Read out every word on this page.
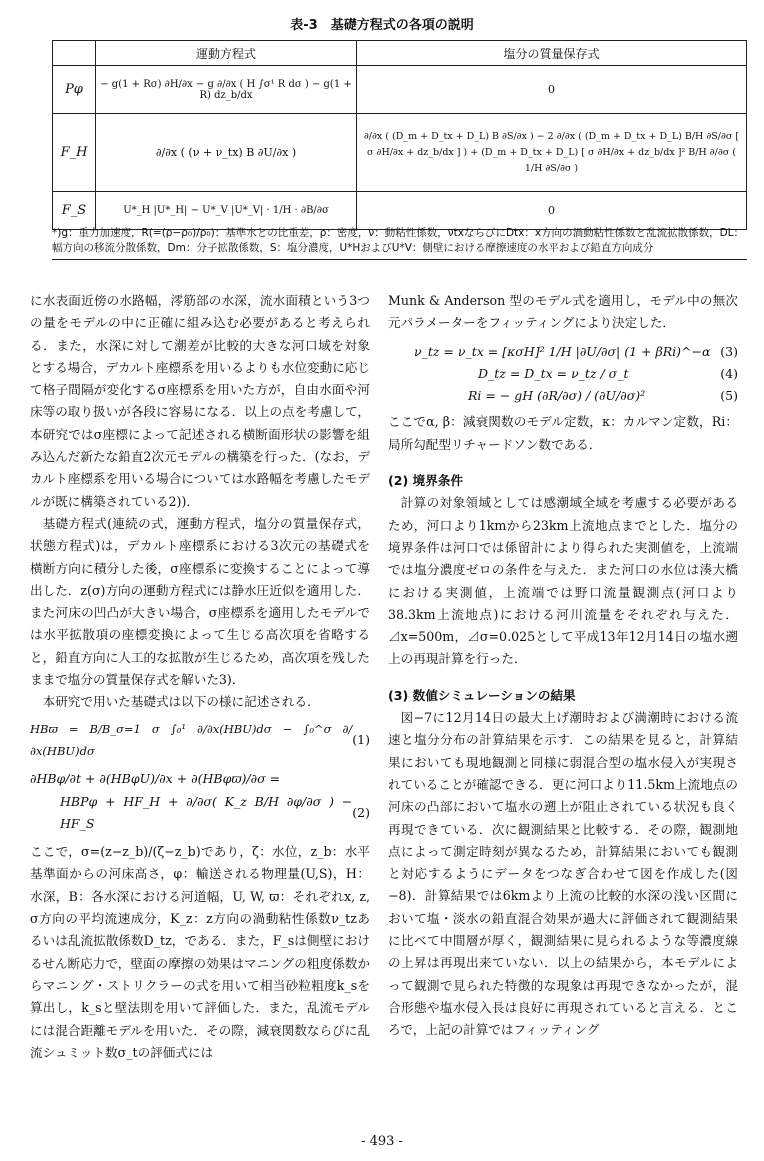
表-3　基礎方程式の各項の説明
	運動方程式	塩分の質量保存式
Pφ	− g(1 + Rσ) ∂H/∂x − g ∂/∂x ( H ∫σ¹ R dσ ) − g(1 + R) dz_b/dx	0
F_H	∂/∂x ( (ν + ν_tx) B ∂U/∂x )	∂/∂x ( (D_m + D_tx + D_L) B ∂S/∂x ) − 2 ∂/∂x ( (D_m + D_tx + D_L) B/H ∂S/∂σ [ σ ∂H/∂x + dz_b/dx ] ) + (D_m + D_tx + D_L) [ σ ∂H/∂x + dz_b/dx ]² B/H ∂/∂σ ( 1/H ∂S/∂σ )
F_S	U*_H |U*_H| − U*_V |U*_V| · 1/H · ∂B/∂σ	0
*)g：重力加速度，R(=(ρ−ρ₀)/ρ₀)：基準水との比重差，ρ：密度，ν：動粘性係数，νtxならびにDtx：x方向の渦動粘性係数と乱流拡散係数，DL：幅方向の移流分散係数，Dm：分子拡散係数，S：塩分濃度，U*HおよびU*V：側壁における摩擦速度の水平および鉛直方向成分

に水表面近傍の水路幅，澪筋部の水深，流水面積という3つの量をモデルの中に正確に組み込む必要があると考えられる．また，水深に対して潮差が比較的大きな河口域を対象とする場合，デカルト座標系を用いるよりも水位変動に応じて格子間隔が変化するσ座標系を用いた方が，自由水面や河床等の取り扱いが各段に容易になる．以上の点を考慮して，本研究ではσ座標によって記述される横断面形状の影響を組み込んだ新たな鉛直2次元モデルの構築を行った．(なお，デカルト座標系を用いる場合については水路幅を考慮したモデルが既に構築されている2))．

基礎方程式(連続の式，運動方程式，塩分の質量保存式，状態方程式)は，デカルト座標系における3次元の基礎式を横断方向に積分した後，σ座標系に変換することによって導出した．z(σ)方向の運動方程式には静水圧近似を適用した．また河床の凹凸が大きい場合，σ座標系を適用したモデルでは水平拡散項の座標変換によって生じる高次項を省略すると，鉛直方向に人工的な拡散が生じるため，高次項を残したままで塩分の質量保存式を解いた3)．

本研究で用いた基礎式は以下の様に記述される．

HBϖ = B/B_σ=1 σ ∫₀¹ ∂/∂x(HBU)dσ − ∫₀^σ ∂/∂x(HBU)dσ
(1)
∂HBφ/∂t + ∂(HBφU)/∂x + ∂(HBφϖ)/∂σ =
HBPφ + HF_H + ∂/∂σ( K_z B/H ∂φ/∂σ ) − HF_S
(2)

ここで，σ=(z−z_b)/(ζ−z_b)であり，ζ：水位，z_b：水平基準面からの河床高さ，φ：輸送される物理量(U,S)，H：水深，B：各水深における河道幅，U, W, ϖ：それぞれx, z, σ方向の平均流速成分，K_z：z方向の渦動粘性係数ν_tzあるいは乱流拡散係数D_tz，である．また，F_sは側壁におけるせん断応力で，壁面の摩擦の効果はマニングの粗度係数からマニング・ストリクラーの式を用いて相当砂粒粗度k_sを算出し，k_sと壁法則を用いて評価した．また，乱流モデルには混合距離モデルを用いた．その際，減衰関数ならびに乱流シュミット数σ_tの評価式には

Munk & Anderson 型のモデル式を適用し，モデル中の無次元パラメーターをフィッティングにより決定した．

ν_tz = ν_tx = [κσH]² 1/H |∂U/∂σ| (1 + βRi)^−α (3)
D_tz = D_tx = ν_tz / σ_t	(4)
Ri = − gH (∂R/∂σ) / (∂U/∂σ)²	(5)

ここでα, β：減衰関数のモデル定数，κ：カルマン定数，Ri：局所勾配型リチャードソン数である．

(2) 境界条件

計算の対象領域としては感潮域全域を考慮する必要があるため，河口より1kmから23km上流地点までとした．塩分の境界条件は河口では係留計により得られた実測値を，上流端では塩分濃度ゼロの条件を与えた．また河口の水位は湊大橋における実測値，上流端では野口流量観測点(河口より38.3km上流地点)における河川流量をそれぞれ与えた．⊿x=500m，⊿σ=0.025として平成13年12月14日の塩水遡上の再現計算を行った．

(3) 数値シミュレーションの結果

図−7に12月14日の最大上げ潮時および満潮時における流速と塩分分布の計算結果を示す．この結果を見ると，計算結果においても現地観測と同様に弱混合型の塩水侵入が実現されていることが確認できる．更に河口より11.5km上流地点の河床の凸部において塩水の遡上が阻止されている状況も良く再現できている．次に観測結果と比較する．その際，観測地点によって測定時刻が異なるため，計算結果においても観測と対応するようにデータをつなぎ合わせて図を作成した(図−8)．計算結果では6kmより上流の比較的水深の浅い区間において塩・淡水の鉛直混合効果が過大に評価されて観測結果に比べて中間層が厚く，観測結果に見られるような等濃度線の上昇は再現出来ていない．以上の結果から，本モデルによって観測で見られた特徴的な現象は再現できなかったが，混合形態や塩水侵入長は良好に再現されていると言える．ところで，上記の計算ではフィッティング

- 493 -
